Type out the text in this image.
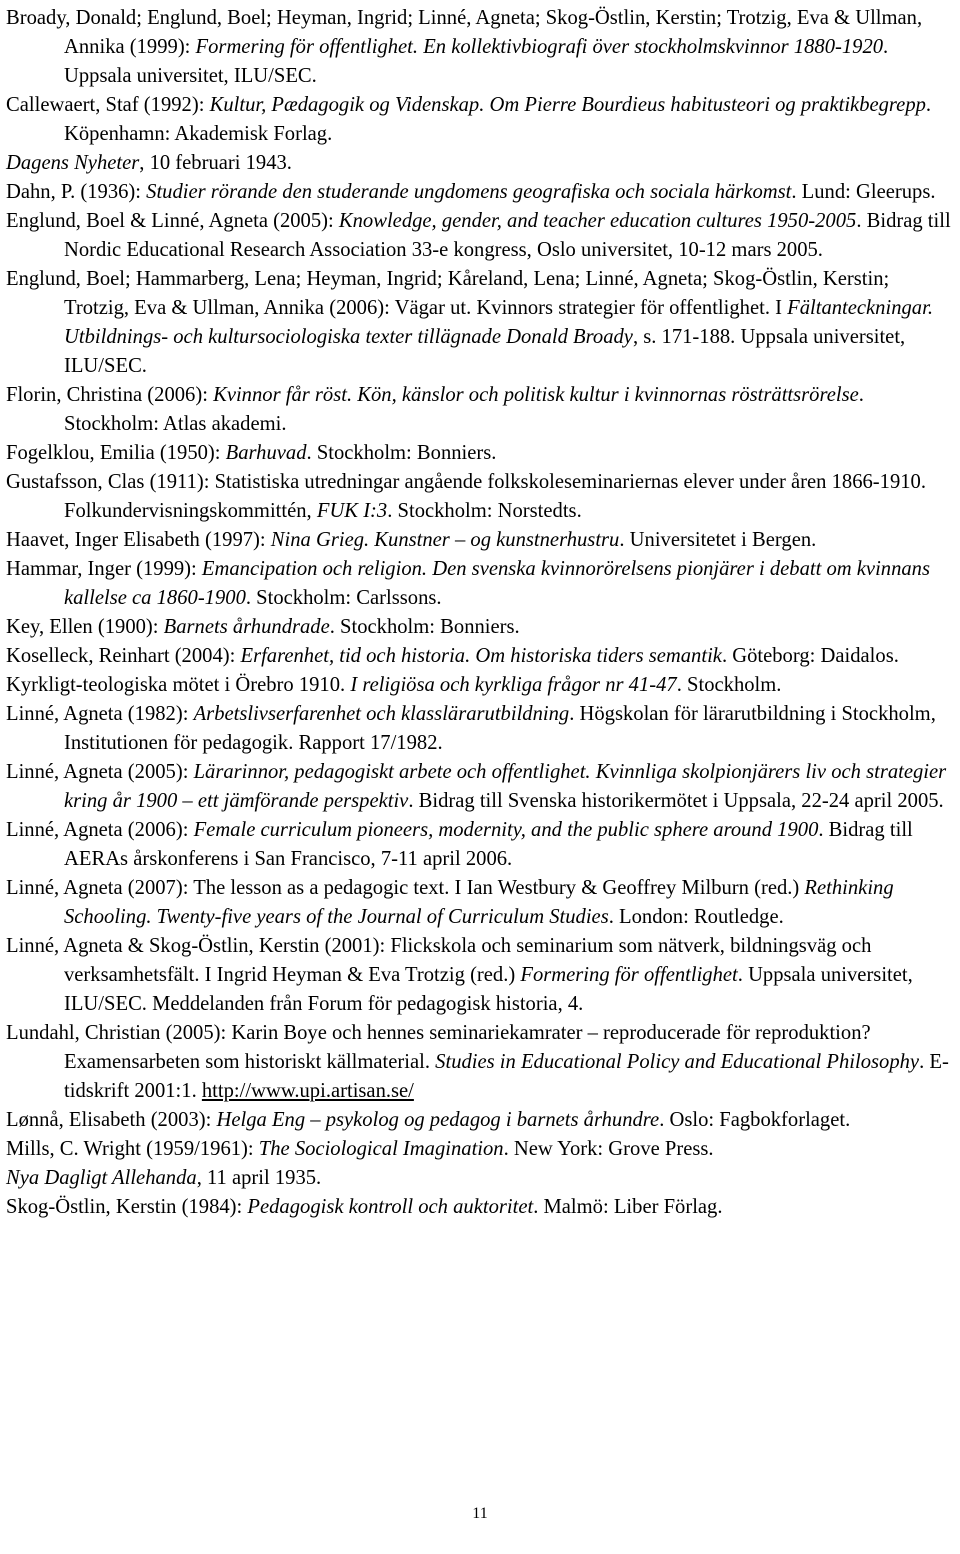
Broady, Donald; Englund, Boel; Heyman, Ingrid; Linné, Agneta; Skog-Östlin, Kerstin; Trotzig, Eva & Ullman, Annika (1999): Formering för offentlighet. En kollektivbiografi över stockholmskvinnor 1880-1920. Uppsala universitet, ILU/SEC.

Callewaert, Staf (1992): Kultur, Pædagogik og Videnskap. Om Pierre Bourdieus habitusteori og praktikbegrepp. Köpenhamn: Akademisk Forlag.

Dagens Nyheter, 10 februari 1943.

Dahn, P. (1936): Studier rörande den studerande ungdomens geografiska och sociala härkomst. Lund: Gleerups.

Englund, Boel & Linné, Agneta (2005): Knowledge, gender, and teacher education cultures 1950-2005. Bidrag till Nordic Educational Research Association 33-e kongress, Oslo universitet, 10-12 mars 2005.

Englund, Boel; Hammarberg, Lena; Heyman, Ingrid; Kåreland, Lena; Linné, Agneta; Skog-Östlin, Kerstin; Trotzig, Eva & Ullman, Annika (2006): Vägar ut. Kvinnors strategier för offentlighet. I Fältanteckningar. Utbildnings- och kultursociologiska texter tillägnade Donald Broady, s. 171-188. Uppsala universitet, ILU/SEC.

Florin, Christina (2006): Kvinnor får röst. Kön, känslor och politisk kultur i kvinnornas rösträttsrörelse. Stockholm: Atlas akademi.

Fogelklou, Emilia (1950): Barhuvad. Stockholm: Bonniers.

Gustafsson, Clas (1911): Statistiska utredningar angående folkskoleseminariernas elever under åren 1866-1910. Folkundervisningskommittén, FUK I:3. Stockholm: Norstedts.

Haavet, Inger Elisabeth (1997): Nina Grieg. Kunstner – og kunstnerhustru. Universitetet i Bergen.

Hammar, Inger (1999): Emancipation och religion. Den svenska kvinnorörelsens pionjärer i debatt om kvinnans kallelse ca 1860-1900. Stockholm: Carlssons.

Key, Ellen (1900): Barnets århundrade. Stockholm: Bonniers.

Koselleck, Reinhart (2004): Erfarenhet, tid och historia. Om historiska tiders semantik. Göteborg: Daidalos.

Kyrkligt-teologiska mötet i Örebro 1910. I religiösa och kyrkliga frågor nr 41-47. Stockholm.

Linné, Agneta (1982): Arbetslivserfarenhet och klasslärarutbildning. Högskolan för lärarutbildning i Stockholm, Institutionen för pedagogik. Rapport 17/1982.

Linné, Agneta (2005): Lärarinnor, pedagogiskt arbete och offentlighet. Kvinnliga skolpionjärers liv och strategier kring år 1900 – ett jämförande perspektiv. Bidrag till Svenska historikermötet i Uppsala, 22-24 april 2005.

Linné, Agneta (2006): Female curriculum pioneers, modernity, and the public sphere around 1900. Bidrag till AERAs årskonferens i San Francisco, 7-11 april 2006.

Linné, Agneta (2007): The lesson as a pedagogic text. I Ian Westbury & Geoffrey Milburn (red.) Rethinking Schooling. Twenty-five years of the Journal of Curriculum Studies. London: Routledge.

Linné, Agneta & Skog-Östlin, Kerstin (2001): Flickskola och seminarium som nätverk, bildningsväg och verksamhetsfält. I Ingrid Heyman & Eva Trotzig (red.) Formering för offentlighet. Uppsala universitet, ILU/SEC. Meddelanden från Forum för pedagogisk historia, 4.

Lundahl, Christian (2005): Karin Boye och hennes seminariekamrater – reproducerade för reproduktion? Examensarbeten som historiskt källmaterial. Studies in Educational Policy and Educational Philosophy. E-tidskrift 2001:1. http://www.upi.artisan.se/

Lønnå, Elisabeth (2003): Helga Eng – psykolog og pedagog i barnets århundre. Oslo: Fagbokforlaget.

Mills, C. Wright (1959/1961): The Sociological Imagination. New York: Grove Press.

Nya Dagligt Allehanda, 11 april 1935.

Skog-Östlin, Kerstin (1984): Pedagogisk kontroll och auktoritet. Malmö: Liber Förlag.

11
